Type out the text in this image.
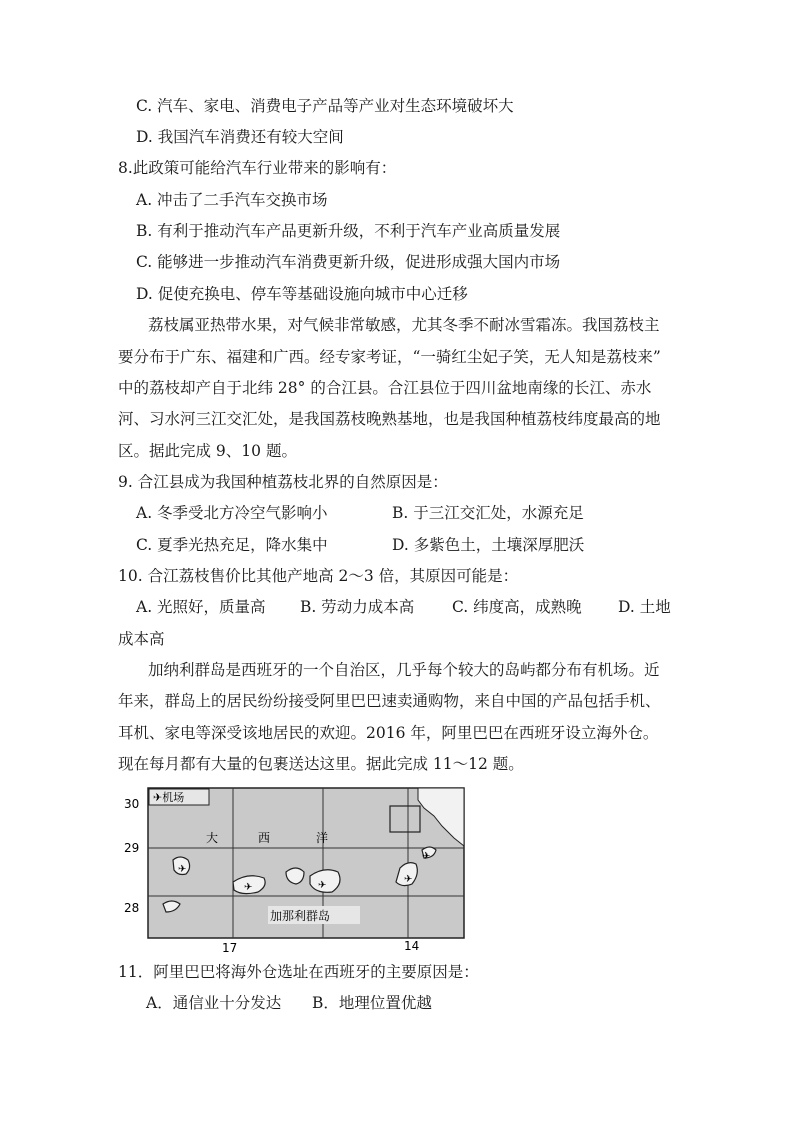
C. 汽车、家电、消费电子产品等产业对生态环境破坏大
D. 我国汽车消费还有较大空间
8.此政策可能给汽车行业带来的影响有：
A. 冲击了二手汽车交换市场
B. 有利于推动汽车产品更新升级，不利于汽车产业高质量发展
C. 能够进一步推动汽车消费更新升级，促进形成强大国内市场
D. 促使充换电、停车等基础设施向城市中心迁移
荔枝属亚热带水果，对气候非常敏感，尤其冬季不耐冰雪霜冻。我国荔枝主
要分布于广东、福建和广西。经专家考证，“一骑红尘妃子笑，无人知是荔枝来”
中的荔枝却产自于北纬 28° 的合江县。合江县位于四川盆地南缘的长江、赤水
河、习水河三江交汇处，是我国荔枝晚熟基地，也是我国种植荔枝纬度最高的地
区。据此完成 9、10 题。
9. 合江县成为我国种植荔枝北界的自然原因是：
A. 冬季受北方冷空气影响小	B. 于三江交汇处，水源充足
C. 夏季光热充足，降水集中	D. 多紫色土，土壤深厚肥沃
10. 合江荔枝售价比其他产地高 2～3 倍，其原因可能是：
A. 光照好，质量高 B. 劳动力成本高 C. 纬度高，成熟晚 D. 土地
成本高
加纳利群岛是西班牙的一个自治区，几乎每个较大的岛屿都分布有机场。近
年来，群岛上的居民纷纷接受阿里巴巴速卖通购物，来自中国的产品包括手机、
耳机、家电等深受该地居民的欢迎。2016 年，阿里巴巴在西班牙设立海外仓。
现在每月都有大量的包裹送达这里。据此完成 11～12 题。
✈
✈	✈
✈
✈
✈机场
大	西	洋
加那利群岛
30
29
28
17	14
11．阿里巴巴将海外仓选址在西班牙的主要原因是：
A．通信业十分发达 B．地理位置优越
